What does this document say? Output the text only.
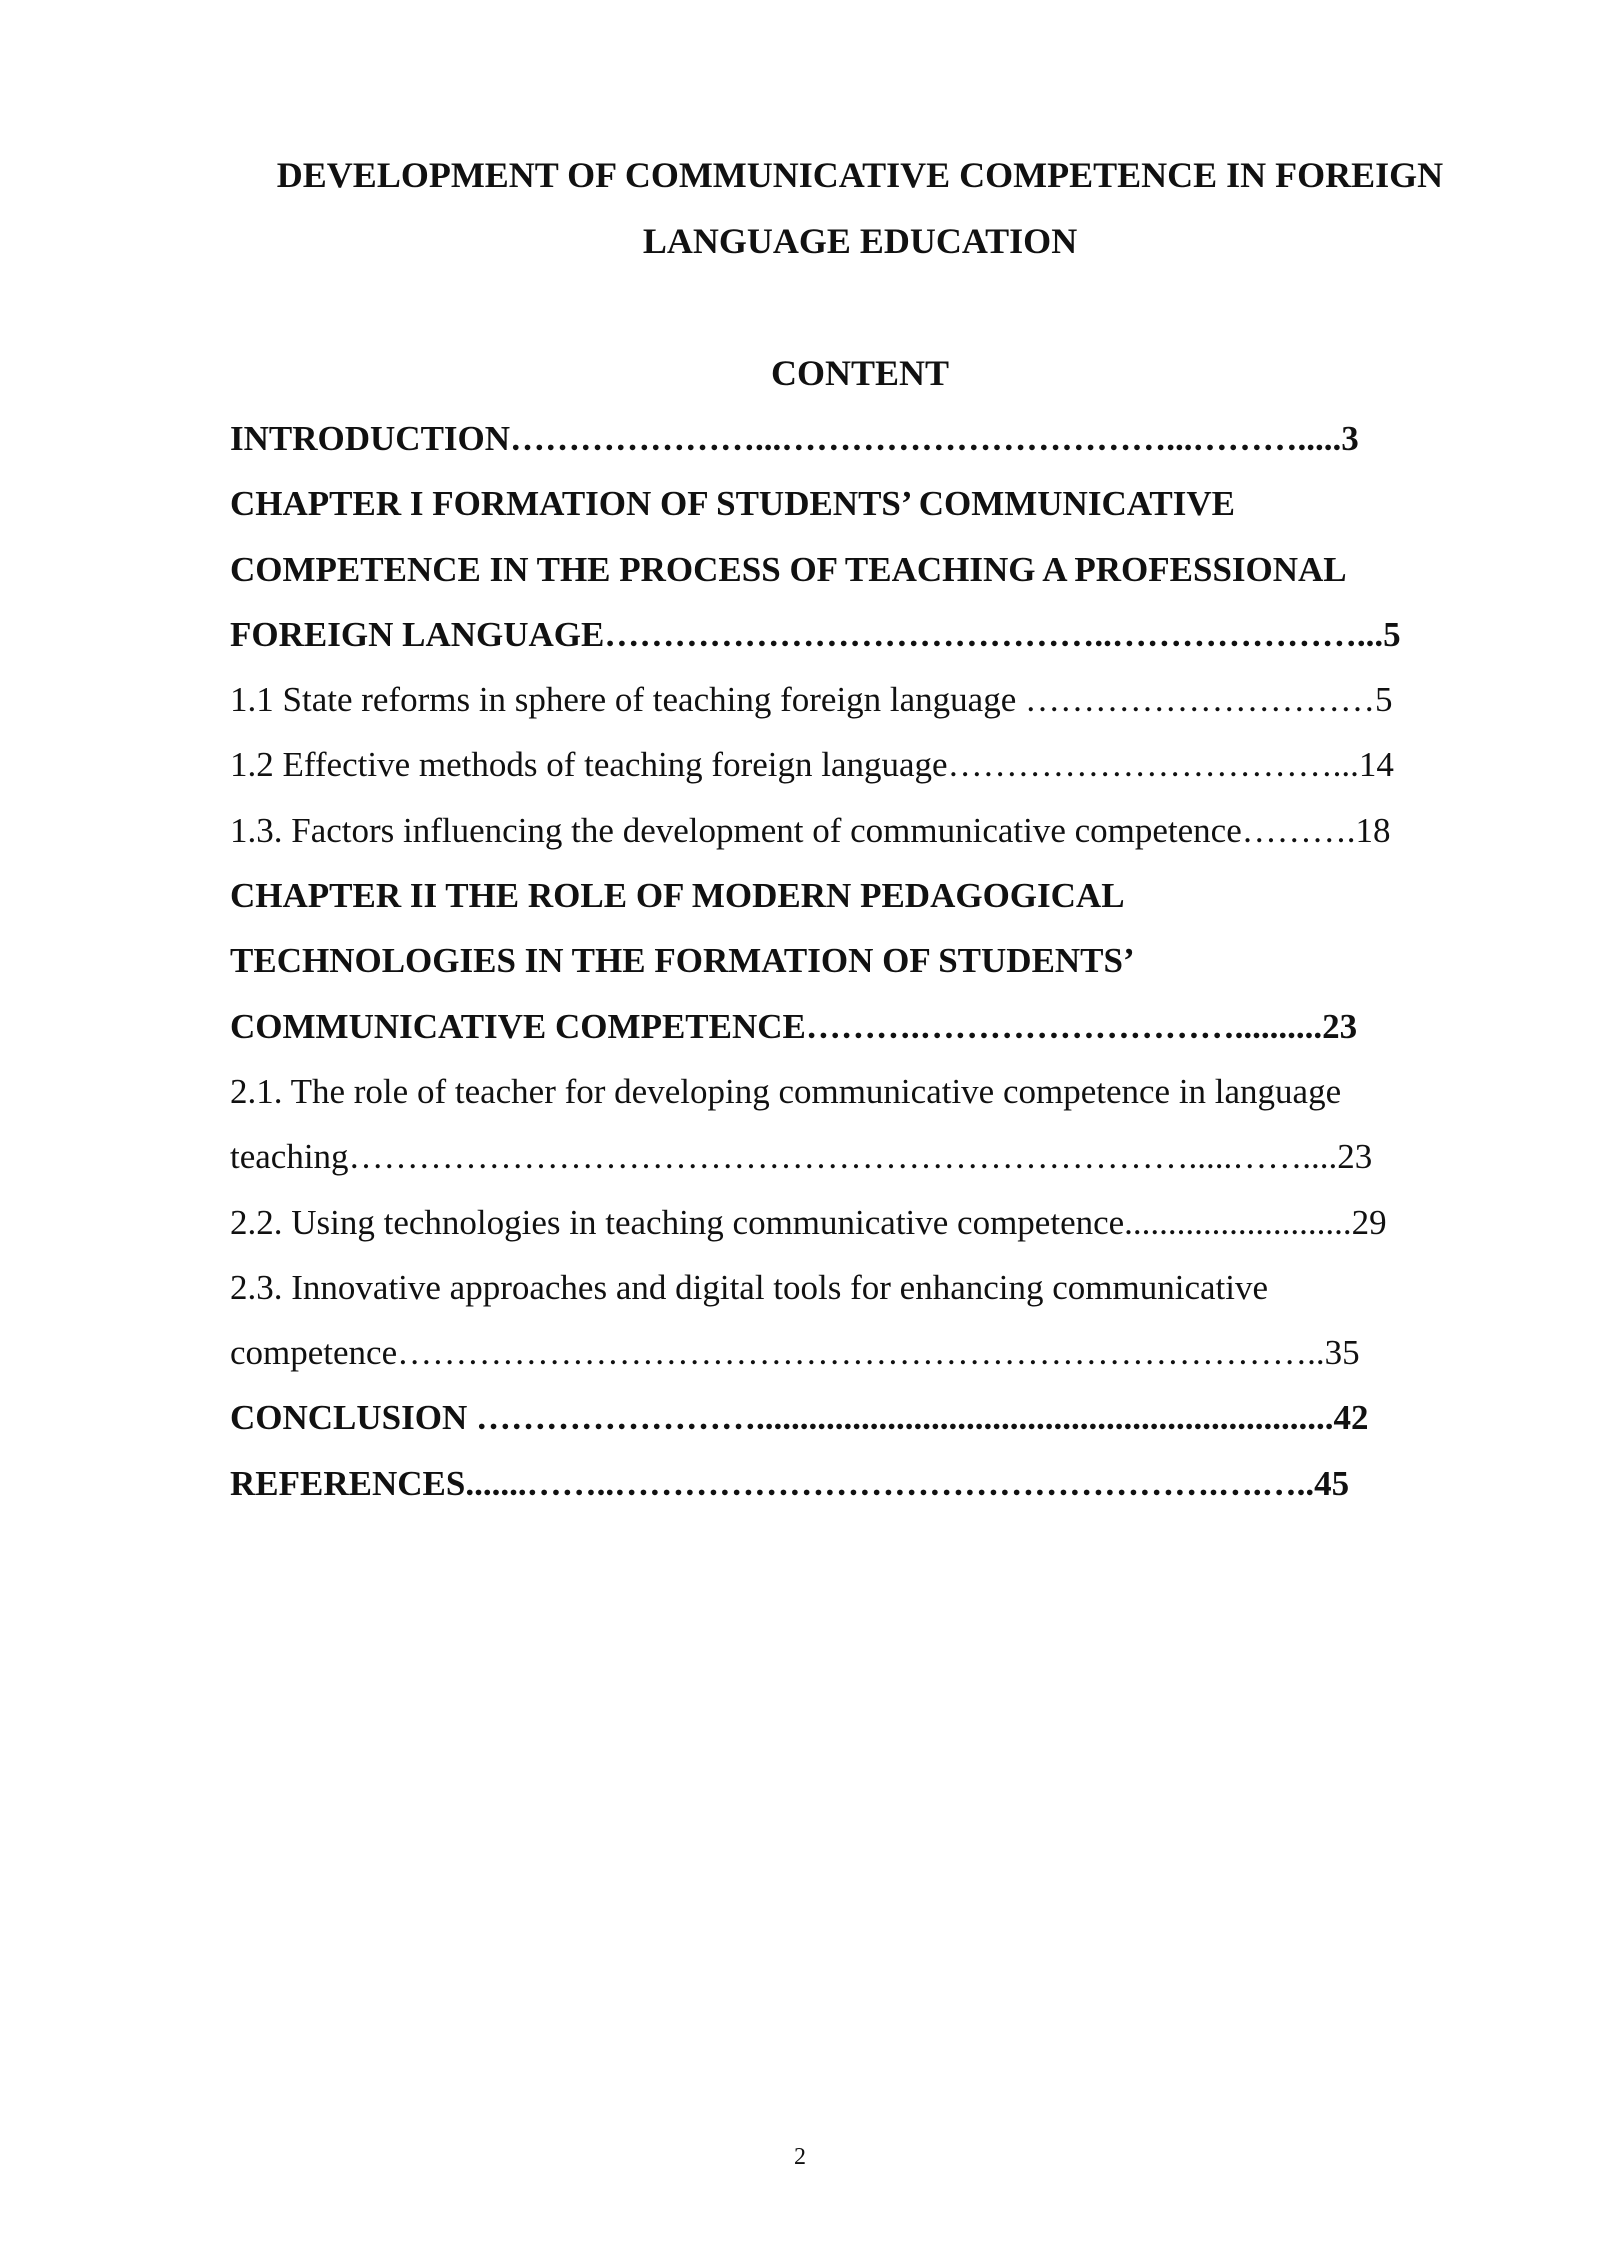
DEVELOPMENT OF COMMUNICATIVE COMPETENCE IN FOREIGN
LANGUAGE EDUCATION
CONTENT
INTRODUCTION…………………...……………………………...……….....3
CHAPTER I FORMATION OF STUDENTS’ COMMUNICATIVE
COMPETENCE IN THE PROCESS OF TEACHING A PROFESSIONAL
FOREIGN LANGUAGE……………………………………..…………………...5
1.1 State reforms in sphere of teaching foreign language …………………………5
1.2 Effective methods of teaching foreign language……………………………...14
1.3. Factors influencing the development of communicative competence……….18
CHAPTER II THE ROLE OF MODERN PEDAGOGICAL
TECHNOLOGIES IN THE FORMATION OF STUDENTS’
COMMUNICATIVE COMPETENCE……….………………………..........23
2.1. The role of teacher for developing communicative competence in language
teaching……………………………………………………………….....……....23
2.2. Using technologies in teaching communicative competence..........................29
2.3. Innovative approaches and digital tools for enhancing communicative
competence……………………………………………………………………..35
CONCLUSION ……………………..................................................................42
REFERENCES.......……..…………………………………………….….…..45
2
